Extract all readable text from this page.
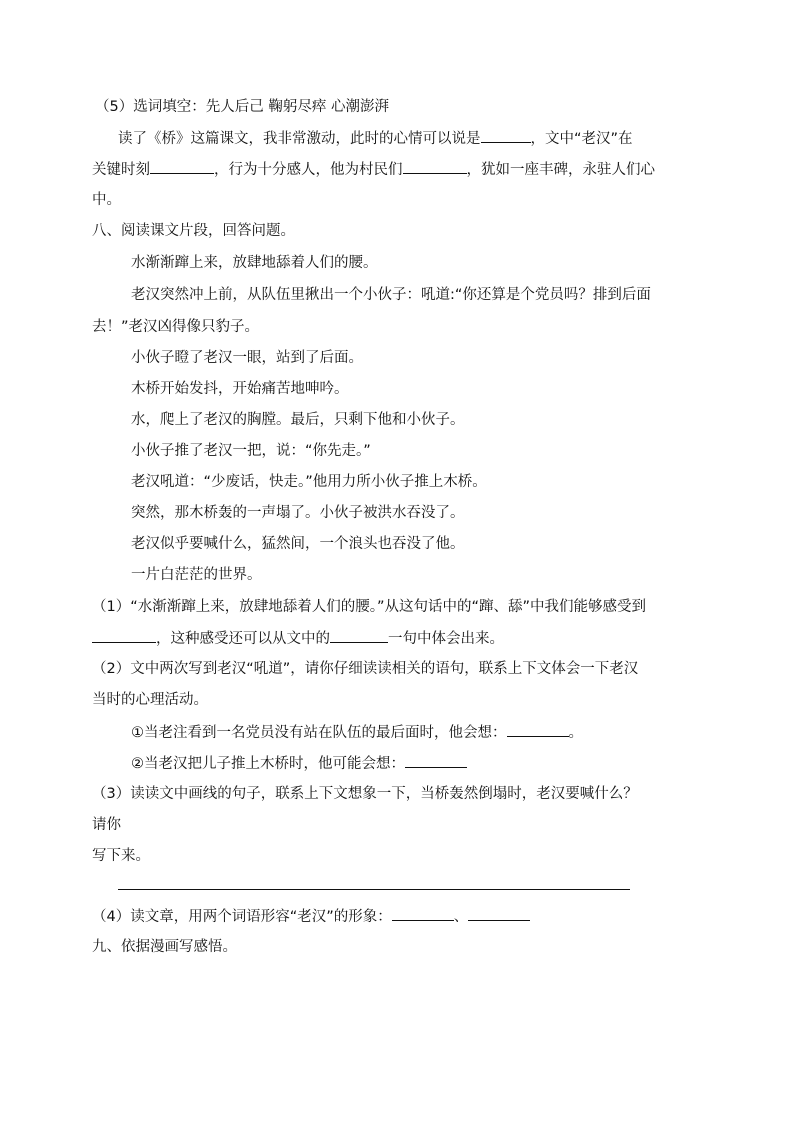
（5）选词填空：先人后己 鞠躬尽瘁 心潮澎湃
读了《桥》这篇课文，我非常激动，此时的心情可以说是	，文中“老汉”在
关键时刻	，行为十分感人，他为村民们	，犹如一座丰碑，永驻人们心
中。
八、阅读课文片段，回答问题。
水渐渐蹿上来，放肆地舔着人们的腰。
老汉突然冲上前，从队伍里揪出一个小伙子：吼道:“你还算是个党员吗？排到后面
去！”老汉凶得像只豹子。
小伙子瞪了老汉一眼，站到了后面。
木桥开始发抖，开始痛苦地呻吟。
水，爬上了老汉的胸膛。最后，只剩下他和小伙子。
小伙子推了老汉一把，说：“你先走。”
老汉吼道：“少废话，快走。”他用力所小伙子推上木桥。
突然，那木桥轰的一声塌了。小伙子被洪水吞没了。
老汉似乎要喊什么，猛然间，一个浪头也吞没了他。
一片白茫茫的世界。
（1）“水渐渐蹿上来，放肆地舔着人们的腰。”从这句话中的“蹿、舔”中我们能够感受到
，这种感受还可以从文中的	一句中体会出来。
（2）文中两次写到老汉“吼道”，请你仔细读读相关的语句，联系上下文体会一下老汉
当时的心理活动。
①当老注看到一名党员没有站在队伍的最后面时，他会想：	。
②当老汉把儿子推上木桥时，他可能会想：
（3）读读文中画线的句子，联系上下文想象一下，当桥轰然倒塌时，老汉要喊什么？
请你
写下来。
（4）读文章，用两个词语形容“老汉”的形象：	、
九、依据漫画写感悟。
